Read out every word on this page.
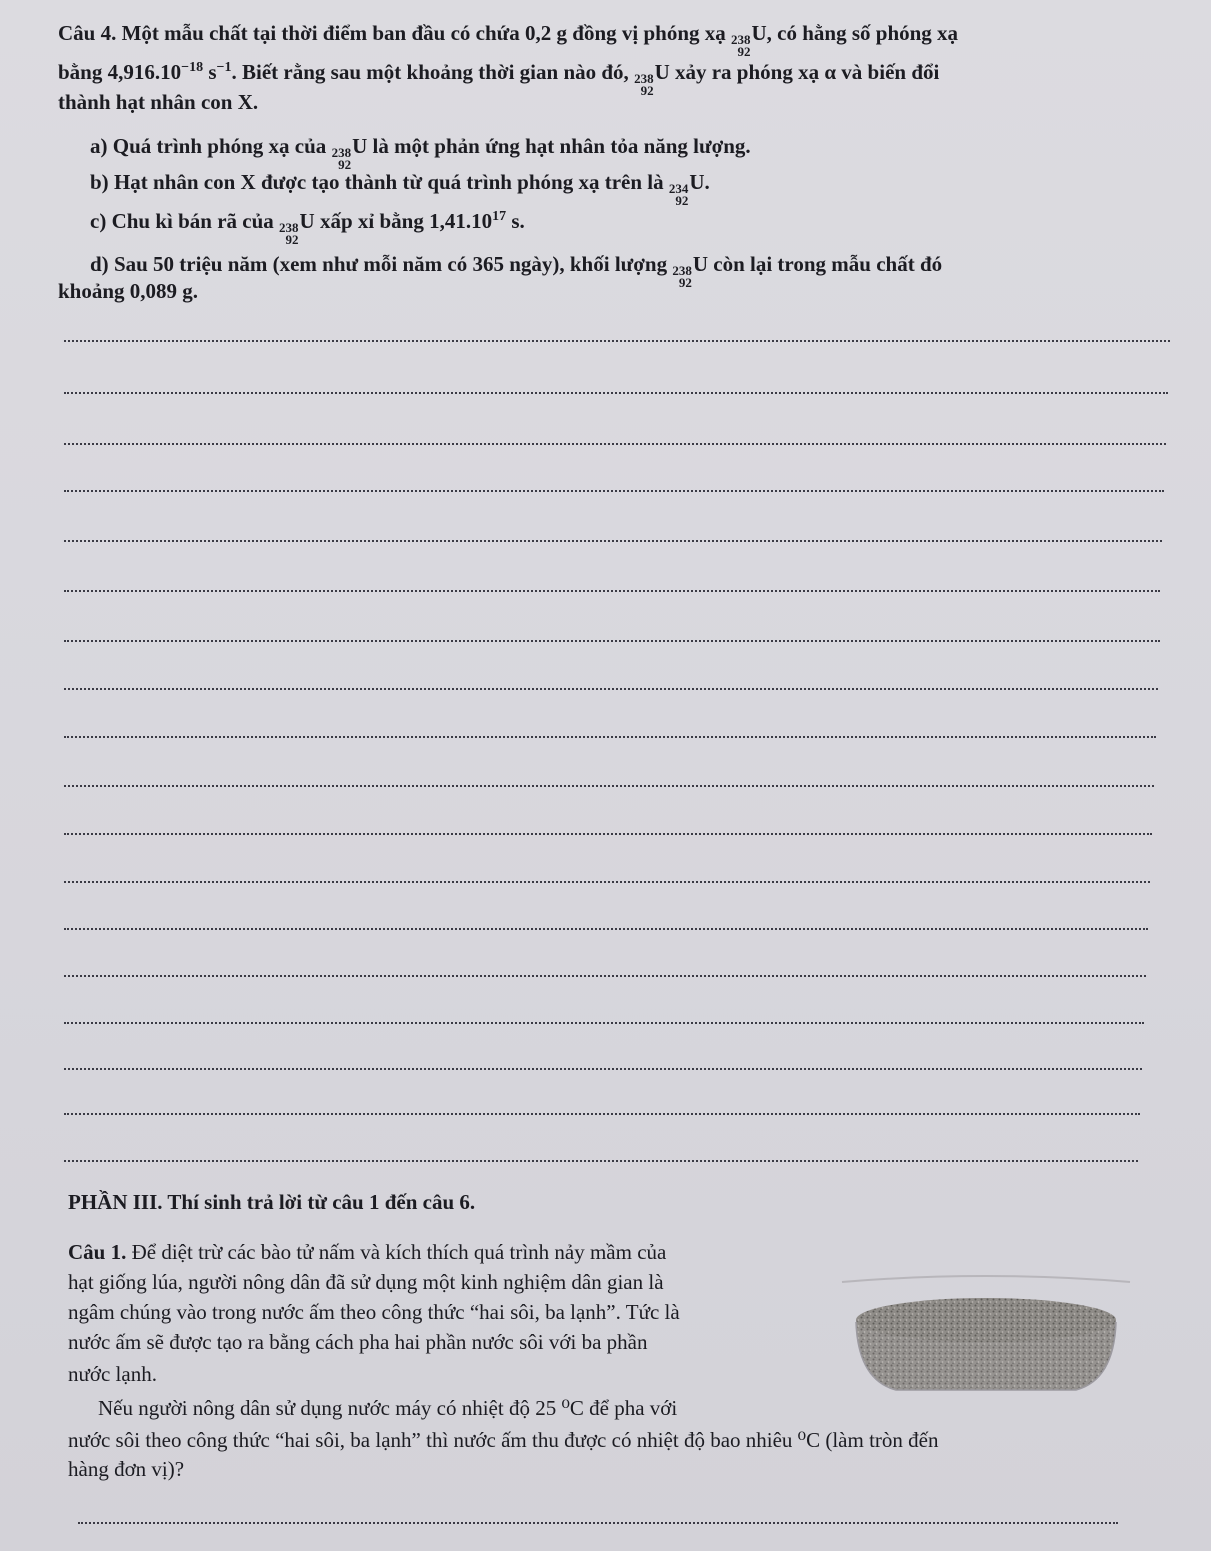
Câu 4. Một mẫu chất tại thời điểm ban đầu có chứa 0,2 g đồng vị phóng xạ 238
92
U, có hằng số phóng xạ
bằng $4,916.10^{-18}$ $s^{-1}$. Biết rằng sau một khoảng thời gian nào đó, 238
92
U xảy ra phóng xạ α và biến đổi
thành hạt nhân con X.
a) Quá trình phóng xạ của 238
92
U là một phản ứng hạt nhân tỏa năng lượng.
b) Hạt nhân con X được tạo thành từ quá trình phóng xạ trên là 234
92
U.
c) Chu kì bán rã của 238
92
U xấp xỉ bằng 1,41.10$^{17}$ s.
d) Sau 50 triệu năm (xem như mỗi năm có 365 ngày), khối lượng 238
92
U còn lại trong mẫu chất đó
khoảng 0,089 g.
PHẦN III. Thí sinh trả lời từ câu 1 đến câu 6.
Câu 1. Để diệt trừ các bào tử nấm và kích thích quá trình nảy mầm của
hạt giống lúa, người nông dân đã sử dụng một kinh nghiệm dân gian là
ngâm chúng vào trong nước ấm theo công thức “hai sôi, ba lạnh”. Tức là
nước ấm sẽ được tạo ra bằng cách pha hai phần nước sôi với ba phần
nước lạnh.
Nếu người nông dân sử dụng nước máy có nhiệt độ 25 ⁰C để pha với
nước sôi theo công thức “hai sôi, ba lạnh” thì nước ấm thu được có nhiệt độ bao nhiêu ⁰C (làm tròn đến
hàng đơn vị)?
